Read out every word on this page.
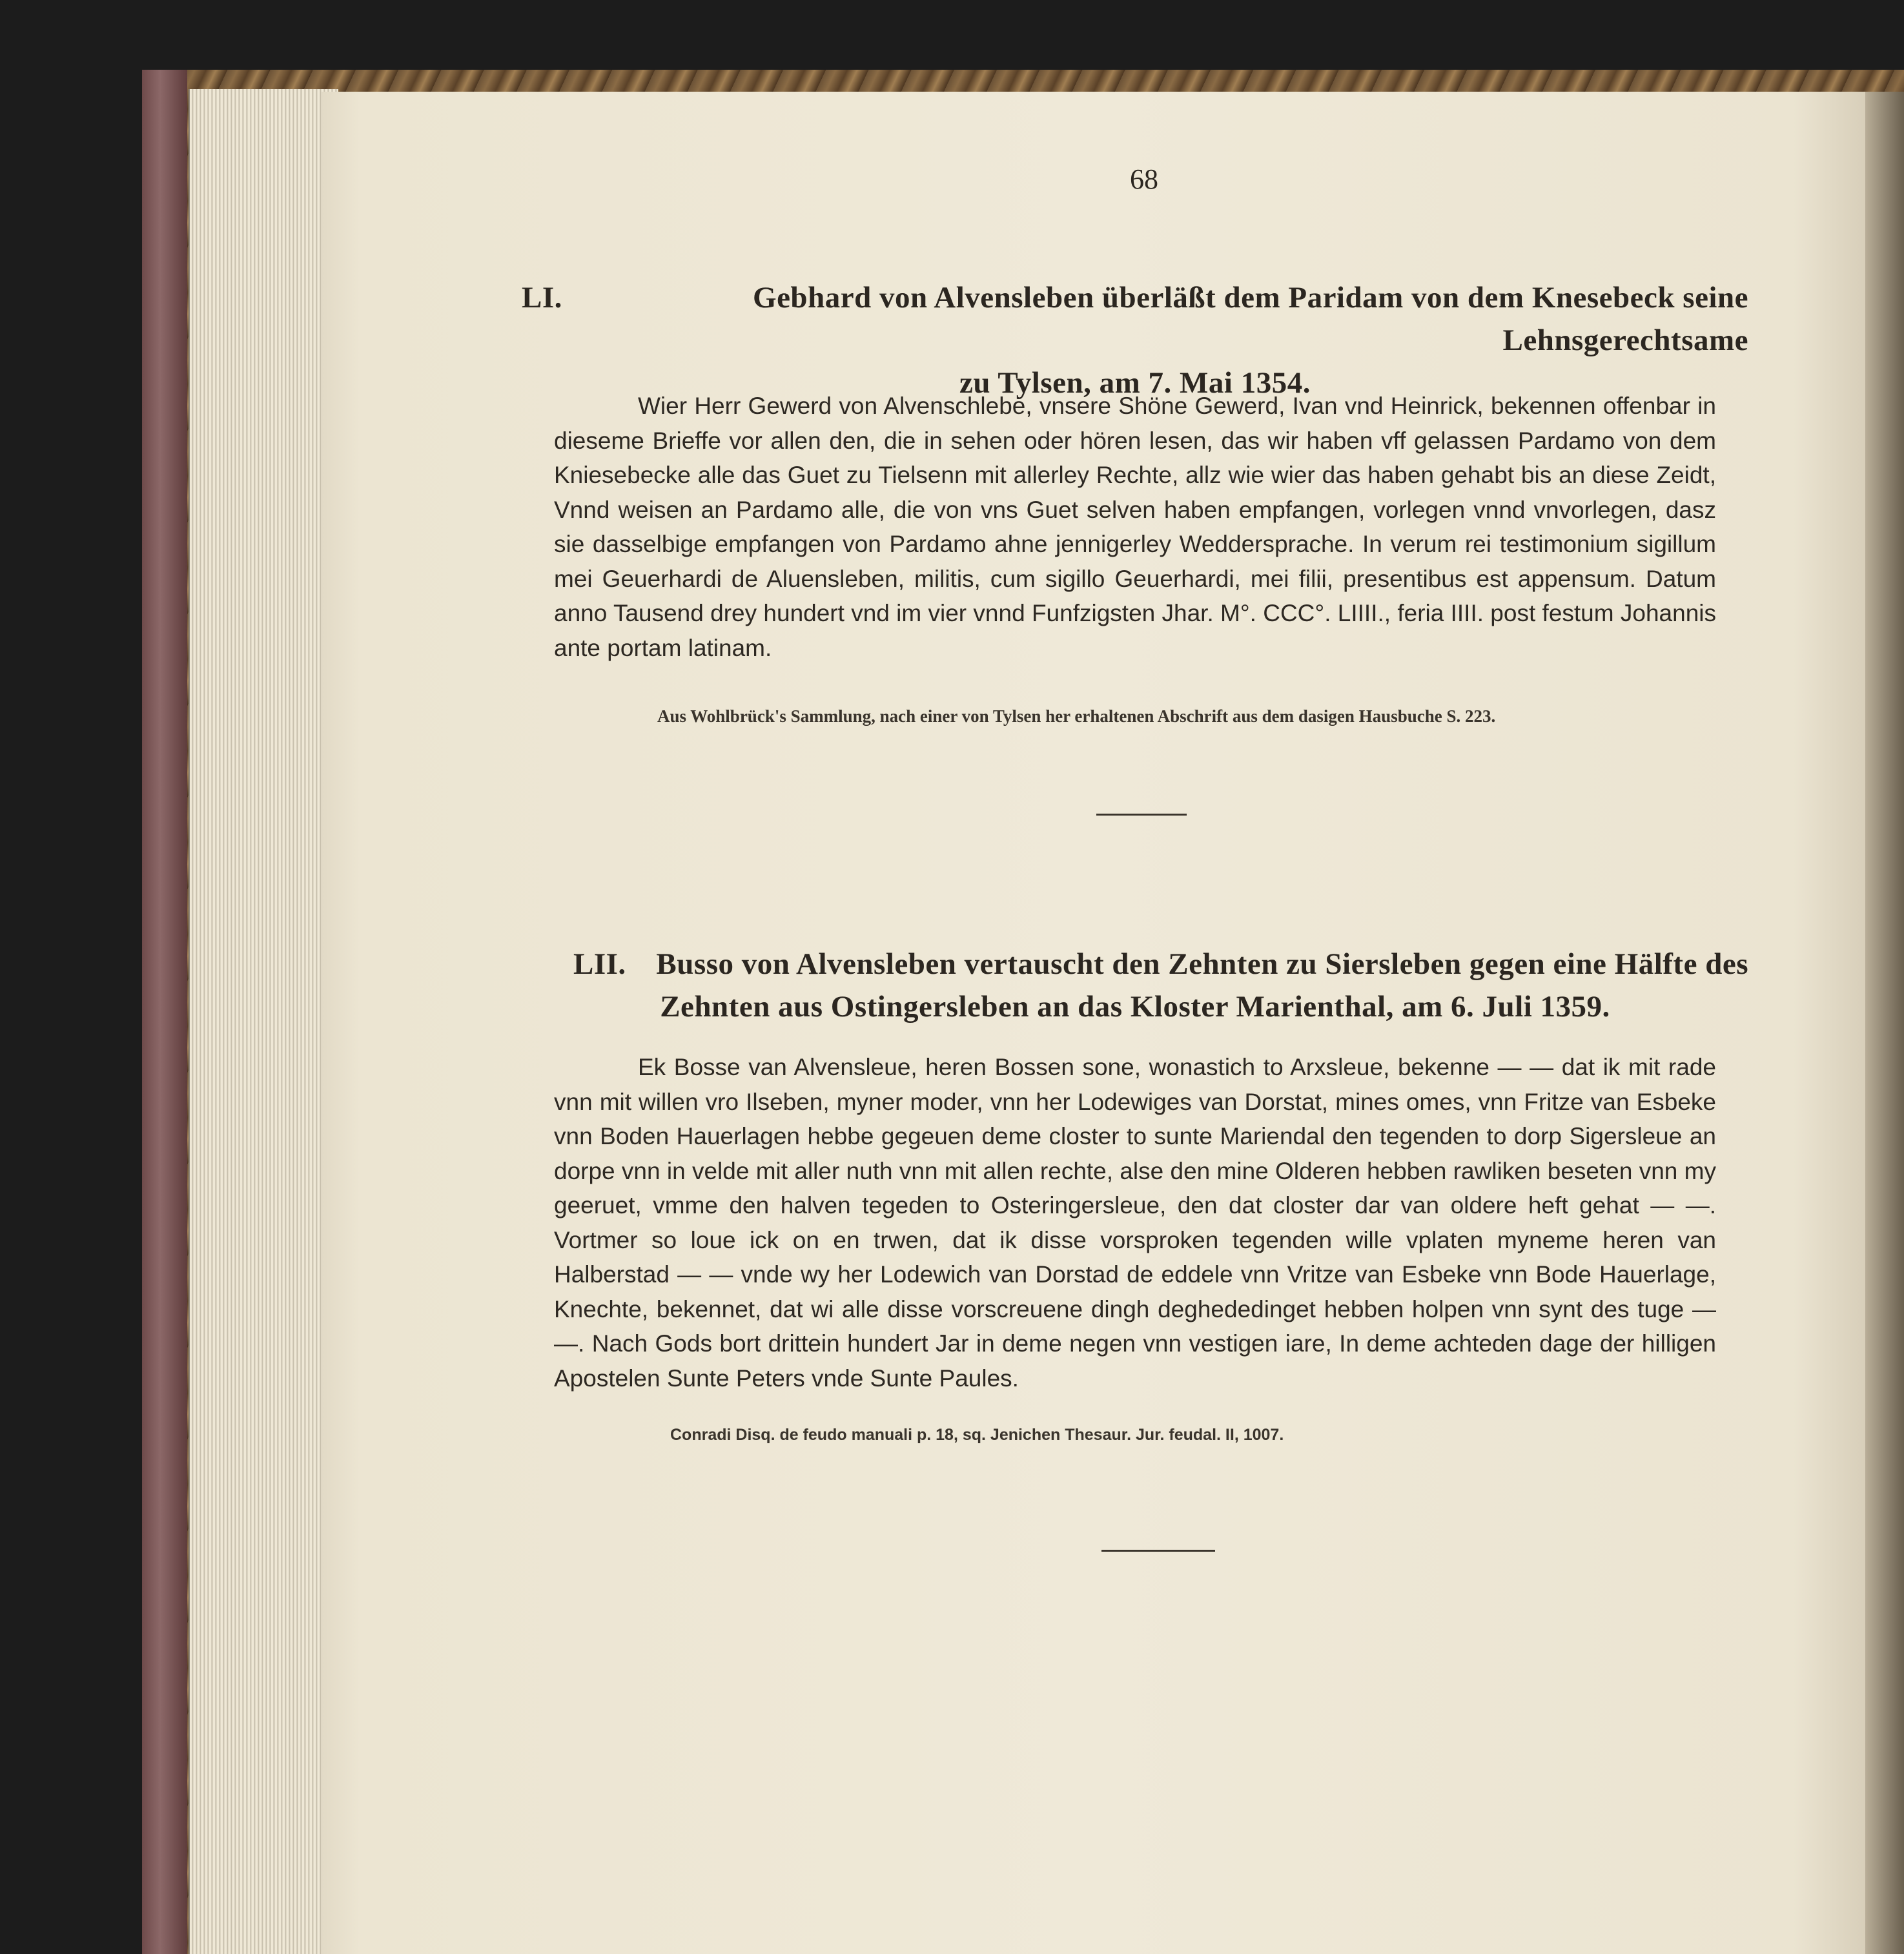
68
LI.	Gebhard von Alvensleben überläßt dem Paridam von dem Knesebeck seine Lehnsgerechtsame
zu Tylsen, am 7. Mai 1354.
Wier Herr Gewerd von Alvenschlebe, vnsere Shöne Gewerd, Ivan vnd Heinrick, bekennen offenbar in dieseme Brieffe vor allen den, die in sehen oder hören lesen, das wir haben vff gelassen Pardamo von dem Kniesebecke alle das Guet zu Tielsenn mit allerley Rechte, allz wie wier das haben gehabt bis an diese Zeidt, Vnnd weisen an Pardamo alle, die von vns Guet selven haben empfangen, vorlegen vnnd vnvorlegen, dasz sie dasselbige empfangen von Pardamo ahne jennigerley Weddersprache. In verum rei testimonium sigillum mei Geuerhardi de Aluensleben, militis, cum sigillo Geuerhardi, mei filii, presentibus est appensum. Datum anno Tausend drey hundert vnd im vier vnnd Funfzigsten Jhar. M°. CCC°. LIIII., feria IIII. post festum Johannis ante portam latinam.
Aus Wohlbrück's Sammlung, nach einer von Tylsen her erhaltenen Abschrift aus dem dasigen Hausbuche S. 223.
LII. Busso von Alvensleben vertauscht den Zehnten zu Siersleben gegen eine Hälfte des
Zehnten aus Ostingersleben an das Kloster Marienthal, am 6. Juli 1359.
Ek Bosse van Alvensleue, heren Bossen sone, wonastich to Arxsleue, bekenne — — dat ik mit rade vnn mit willen vro Ilseben, myner moder, vnn her Lodewiges van Dorstat, mines omes, vnn Fritze van Esbeke vnn Boden Hauerlagen hebbe gegeuen deme closter to sunte Mariendal den tegenden to dorp Sigersleue an dorpe vnn in velde mit aller nuth vnn mit allen rechte, alse den mine Olderen hebben rawliken beseten vnn my geeruet, vmme den halven tegeden to Osteringersleue, den dat closter dar van oldere heft gehat — —. Vortmer so loue ick on en trwen, dat ik disse vorsproken tegenden wille vplaten myneme heren van Halberstad — — vnde wy her Lodewich van Dorstad de eddele vnn Vritze van Esbeke vnn Bode Hauerlage, Knechte, bekennet, dat wi alle disse vorscreuene dingh deghededinget hebben holpen vnn synt des tuge — —. Nach Gods bort drittein hundert Jar in deme negen vnn vestigen iare, In deme achteden dage der hilligen Apostelen Sunte Peters vnde Sunte Paules.
Conradi Disq. de feudo manuali p. 18, sq. Jenichen Thesaur. Jur. feudal. II, 1007.
